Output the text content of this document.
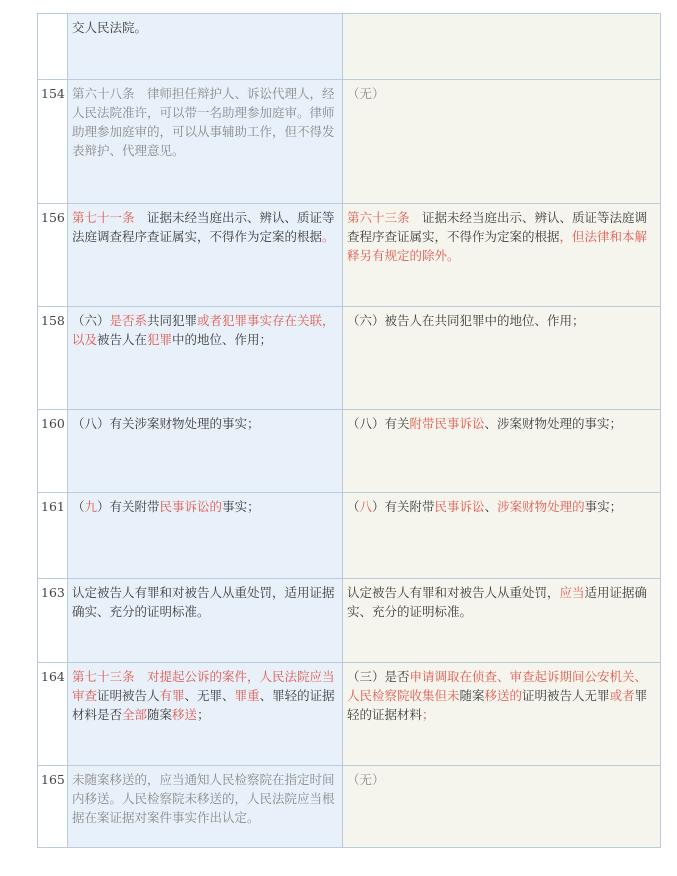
	交人民法院。	
154	第六十八条　律师担任辩护人、诉讼代理人，经人民法院准许，可以带一名助理参加庭审。律师助理参加庭审的，可以从事辅助工作，但不得发表辩护、代理意见。	（无）
156	第七十一条　证据未经当庭出示、辨认、质证等法庭调查程序查证属实，不得作为定案的根据。	第六十三条　证据未经当庭出示、辨认、质证等法庭调查程序查证属实，不得作为定案的根据，但法律和本解释另有规定的除外。
158	（六）是否系共同犯罪或者犯罪事实存在关联，以及被告人在犯罪中的地位、作用；	（六）被告人在共同犯罪中的地位、作用；
160	（八）有关涉案财物处理的事实；	（八）有关附带民事诉讼、涉案财物处理的事实；
161	（九）有关附带民事诉讼的事实；	（八）有关附带民事诉讼、涉案财物处理的事实；
163	认定被告人有罪和对被告人从重处罚，适用证据确实、充分的证明标准。	认定被告人有罪和对被告人从重处罚，应当适用证据确实、充分的证明标准。
164	第七十三条　对提起公诉的案件，人民法院应当审查证明被告人有罪、无罪、罪重、罪轻的证据材料是否全部随案移送；	（三）是否申请调取在侦查、审查起诉期间公安机关、人民检察院收集但未随案移送的证明被告人无罪或者罪轻的证据材料；
165	未随案移送的，应当通知人民检察院在指定时间内移送。人民检察院未移送的，人民法院应当根据在案证据对案件事实作出认定。	（无）
